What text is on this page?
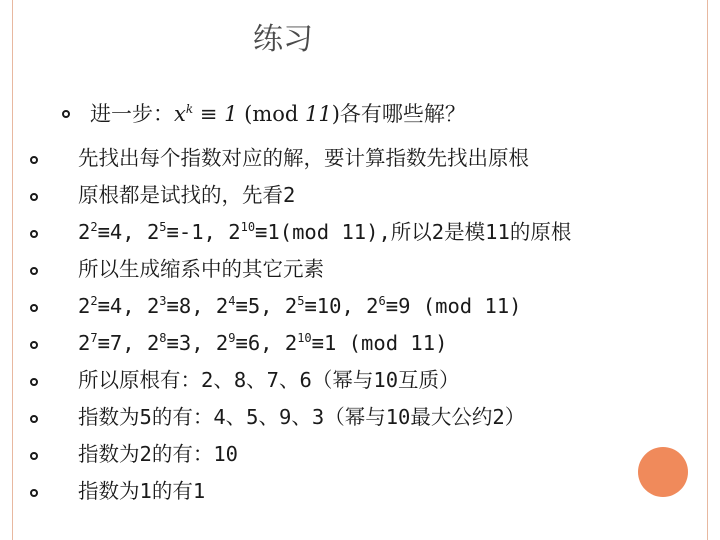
练习
进一步：$x^k \equiv 1$ (mod 11)各有哪些解？
先找出每个指数对应的解，要计算指数先找出原根
原根都是试找的，先看2
$2^2\equiv 4$, $2^5\equiv-1$, $2^{10}\equiv 1(mod$ 11),所以2是模11的原根
所以生成缩系中的其它元素
$2^2\equiv 4$, $2^3\equiv 8$, $2^4\equiv 5$, $2^5\equiv 10$, $2^6\equiv 9$ (mod 11)
$2^7\equiv 7$, $2^8\equiv 3$, $2^9\equiv 6$, $2^{10}\equiv 1$ (mod 11)
所以原根有：2、8、7、6（幂与10互质）
指数为5的有：4、5、9、3（幂与10最大公约2）
指数为2的有：10
指数为1的有1
